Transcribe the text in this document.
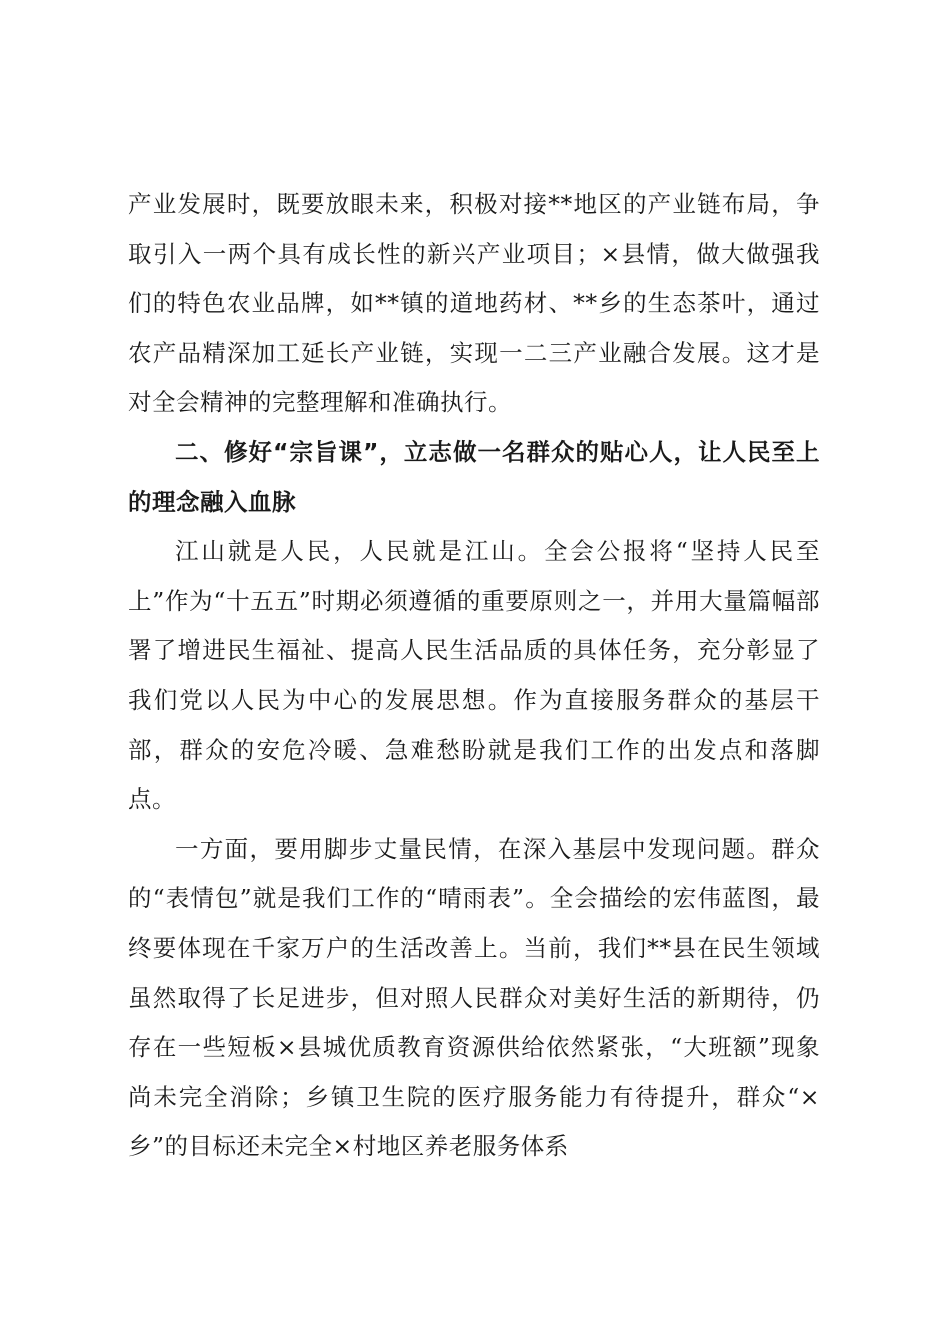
产业发展时，既要放眼未来，积极对接**地区的产业链布局，争取引入一两个具有成长性的新兴产业项目；×县情，做大做强我们的特色农业品牌，如**镇的道地药材、**乡的生态茶叶，通过农产品精深加工延长产业链，实现一二三产业融合发展。这才是对全会精神的完整理解和准确执行。

二、修好“宗旨课”，立志做一名群众的贴心人，让人民至上的理念融入血脉

江山就是人民，人民就是江山。全会公报将“坚持人民至上”作为“十五五”时期必须遵循的重要原则之一，并用大量篇幅部署了增进民生福祉、提高人民生活品质的具体任务，充分彰显了我们党以人民为中心的发展思想。作为直接服务群众的基层干部，群众的安危冷暖、急难愁盼就是我们工作的出发点和落脚点。

一方面，要用脚步丈量民情，在深入基层中发现问题。群众的“表情包”就是我们工作的“晴雨表”。全会描绘的宏伟蓝图，最终要体现在千家万户的生活改善上。当前，我们**县在民生领域虽然取得了长足进步，但对照人民群众对美好生活的新期待，仍存在一些短板×县城优质教育资源供给依然紧张，“大班额”现象尚未完全消除；乡镇卫生院的医疗服务能力有待提升，群众“×乡”的目标还未完全×村地区养老服务体系
